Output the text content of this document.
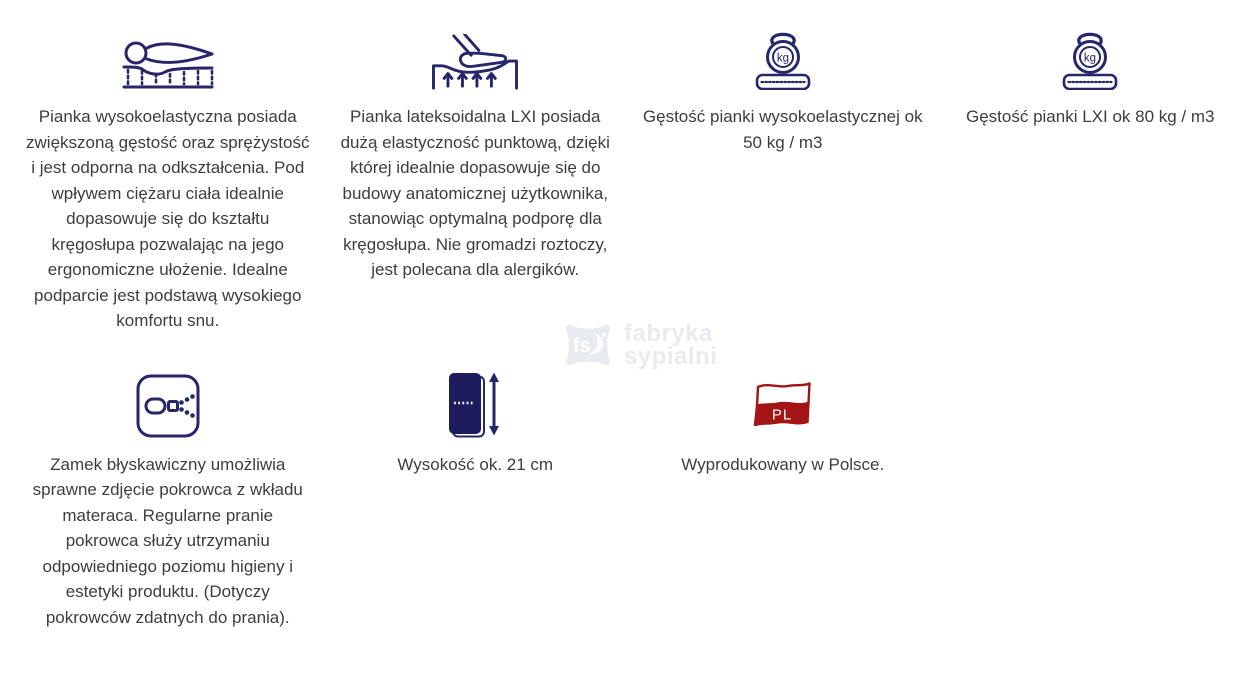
fs fabryka
sypialni

Pianka wysokoelastyczna posiada zwiększoną gęstość oraz sprężystość i jest odporna na odkształcenia. Pod wpływem ciężaru ciała idealnie dopasowuje się do kształtu kręgosłupa pozwalając na jego ergonomiczne ułożenie. Idealne podparcie jest podstawą wysokiego komfortu snu.

Pianka lateksoidalna LXI posiada dużą elastyczność punktową, dzięki której idealnie dopasowuje się do budowy anatomicznej użytkownika, stanowiąc optymalną podporę dla kręgosłupa. Nie gromadzi roztoczy, jest polecana dla alergików.

kg

Gęstość pianki wysokoelastycznej ok 50 kg / m3

kg

Gęstość pianki LXI ok 80 kg / m3

Zamek błyskawiczny umożliwia sprawne zdjęcie pokrowca z wkładu materaca. Regularne pranie pokrowca służy utrzymaniu odpowiedniego poziomu higieny i estetyki produktu. (Dotyczy pokrowców zdatnych do prania).

Wysokość ok. 21 cm

PL

Wyprodukowany w Polsce.
